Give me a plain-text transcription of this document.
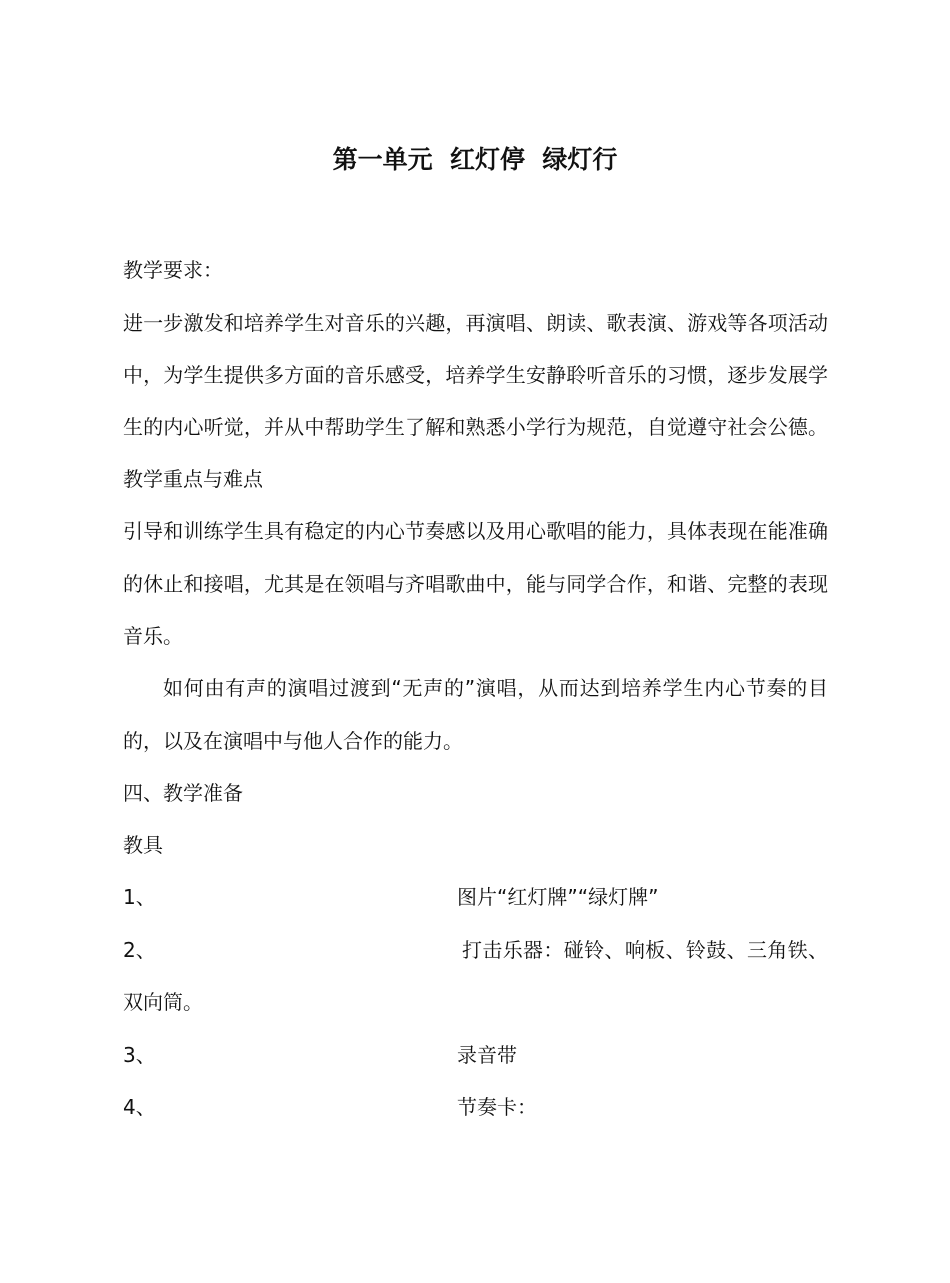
第一单元  红灯停  绿灯行
教学要求：
进一步激发和培养学生对音乐的兴趣，再演唱、朗读、歌表演、游戏等各项活动
中，为学生提供多方面的音乐感受，培养学生安静聆听音乐的习惯，逐步发展学
生的内心听觉，并从中帮助学生了解和熟悉小学行为规范，自觉遵守社会公德。
教学重点与难点
引导和训练学生具有稳定的内心节奏感以及用心歌唱的能力，具体表现在能准确
的休止和接唱，尤其是在领唱与齐唱歌曲中，能与同学合作，和谐、完整的表现
音乐。
如何由有声的演唱过渡到“无声的”演唱，从而达到培养学生内心节奏的目
的，以及在演唱中与他人合作的能力。
四、教学准备
教具
1、	图片“红灯牌”“绿灯牌”
2、	打击乐器：碰铃、响板、铃鼓、三角铁、
双向筒。
3、	录音带
4、	节奏卡：
